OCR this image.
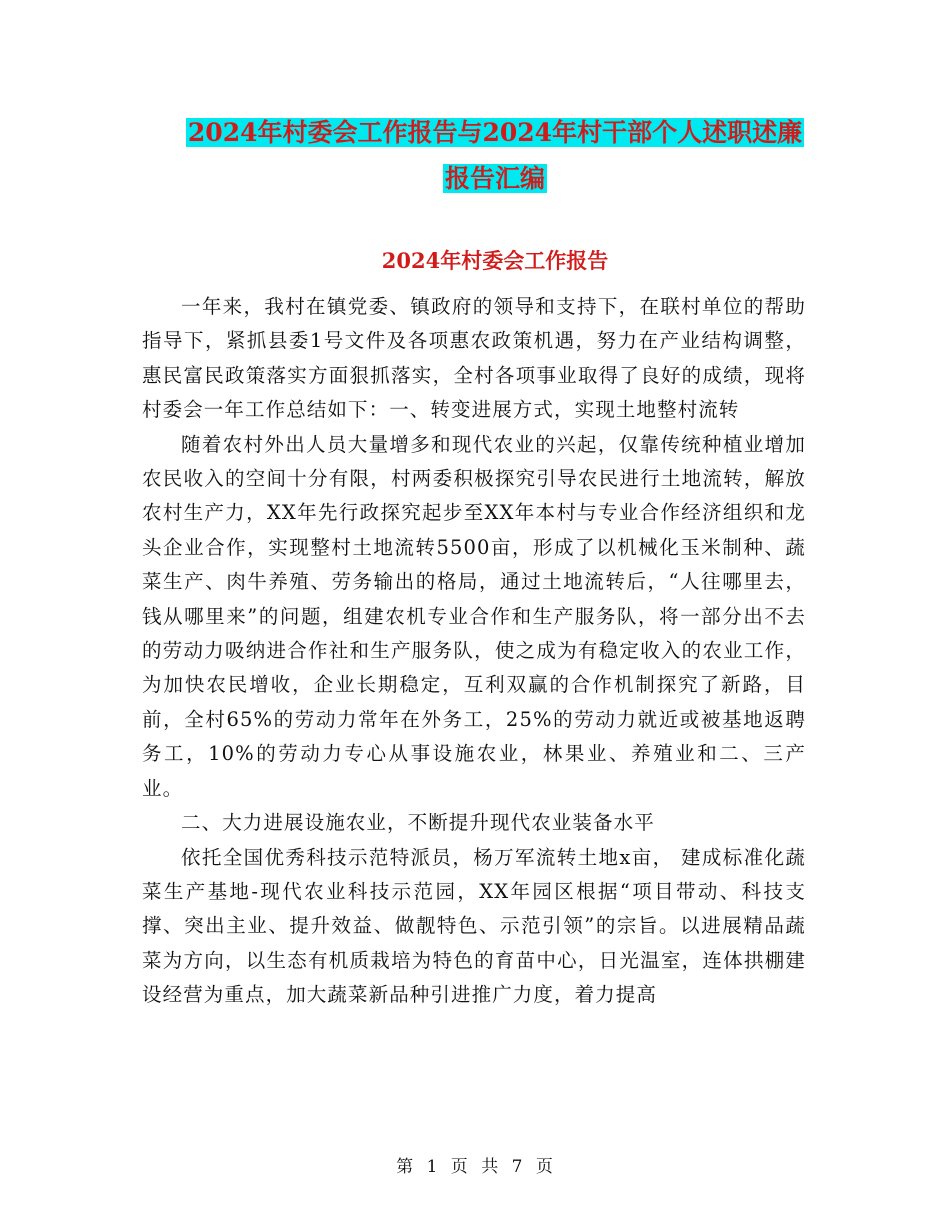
2024年村委会工作报告与2024年村干部个人述职述廉
报告汇编
2024年村委会工作报告

一年来，我村在镇党委、镇政府的领导和支持下，在联村单位的帮助指导下，紧抓县委1号文件及各项惠农政策机遇，努力在产业结构调整，惠民富民政策落实方面狠抓落实，全村各项事业取得了良好的成绩，现将村委会一年工作总结如下：一、转变进展方式，实现土地整村流转

随着农村外出人员大量增多和现代农业的兴起，仅靠传统种植业增加农民收入的空间十分有限，村两委积极探究引导农民进行土地流转，解放农村生产力，XX年先行政探究起步至XX年本村与专业合作经济组织和龙头企业合作，实现整村土地流转5500亩，形成了以机械化玉米制种、蔬菜生产、肉牛养殖、劳务输出的格局，通过土地流转后，“人往哪里去，钱从哪里来”的问题，组建农机专业合作和生产服务队，将一部分出不去的劳动力吸纳进合作社和生产服务队，使之成为有稳定收入的农业工作，为加快农民增收，企业长期稳定，互利双赢的合作机制探究了新路，目前，全村65%的劳动力常年在外务工，25%的劳动力就近或被基地返聘务工，10%的劳动力专心从事设施农业，林果业、养殖业和二、三产业。

二、大力进展设施农业，不断提升现代农业装备水平

依托全国优秀科技示范特派员，杨万军流转土地x亩， 建成标准化蔬菜生产基地-现代农业科技示范园，XX年园区根据“项目带动、科技支撑、突出主业、提升效益、做靓特色、示范引领”的宗旨。以进展精品蔬菜为方向，以生态有机质栽培为特色的育苗中心，日光温室，连体拱棚建设经营为重点，加大蔬菜新品种引进推广力度，着力提高

第 1 页 共 7 页
